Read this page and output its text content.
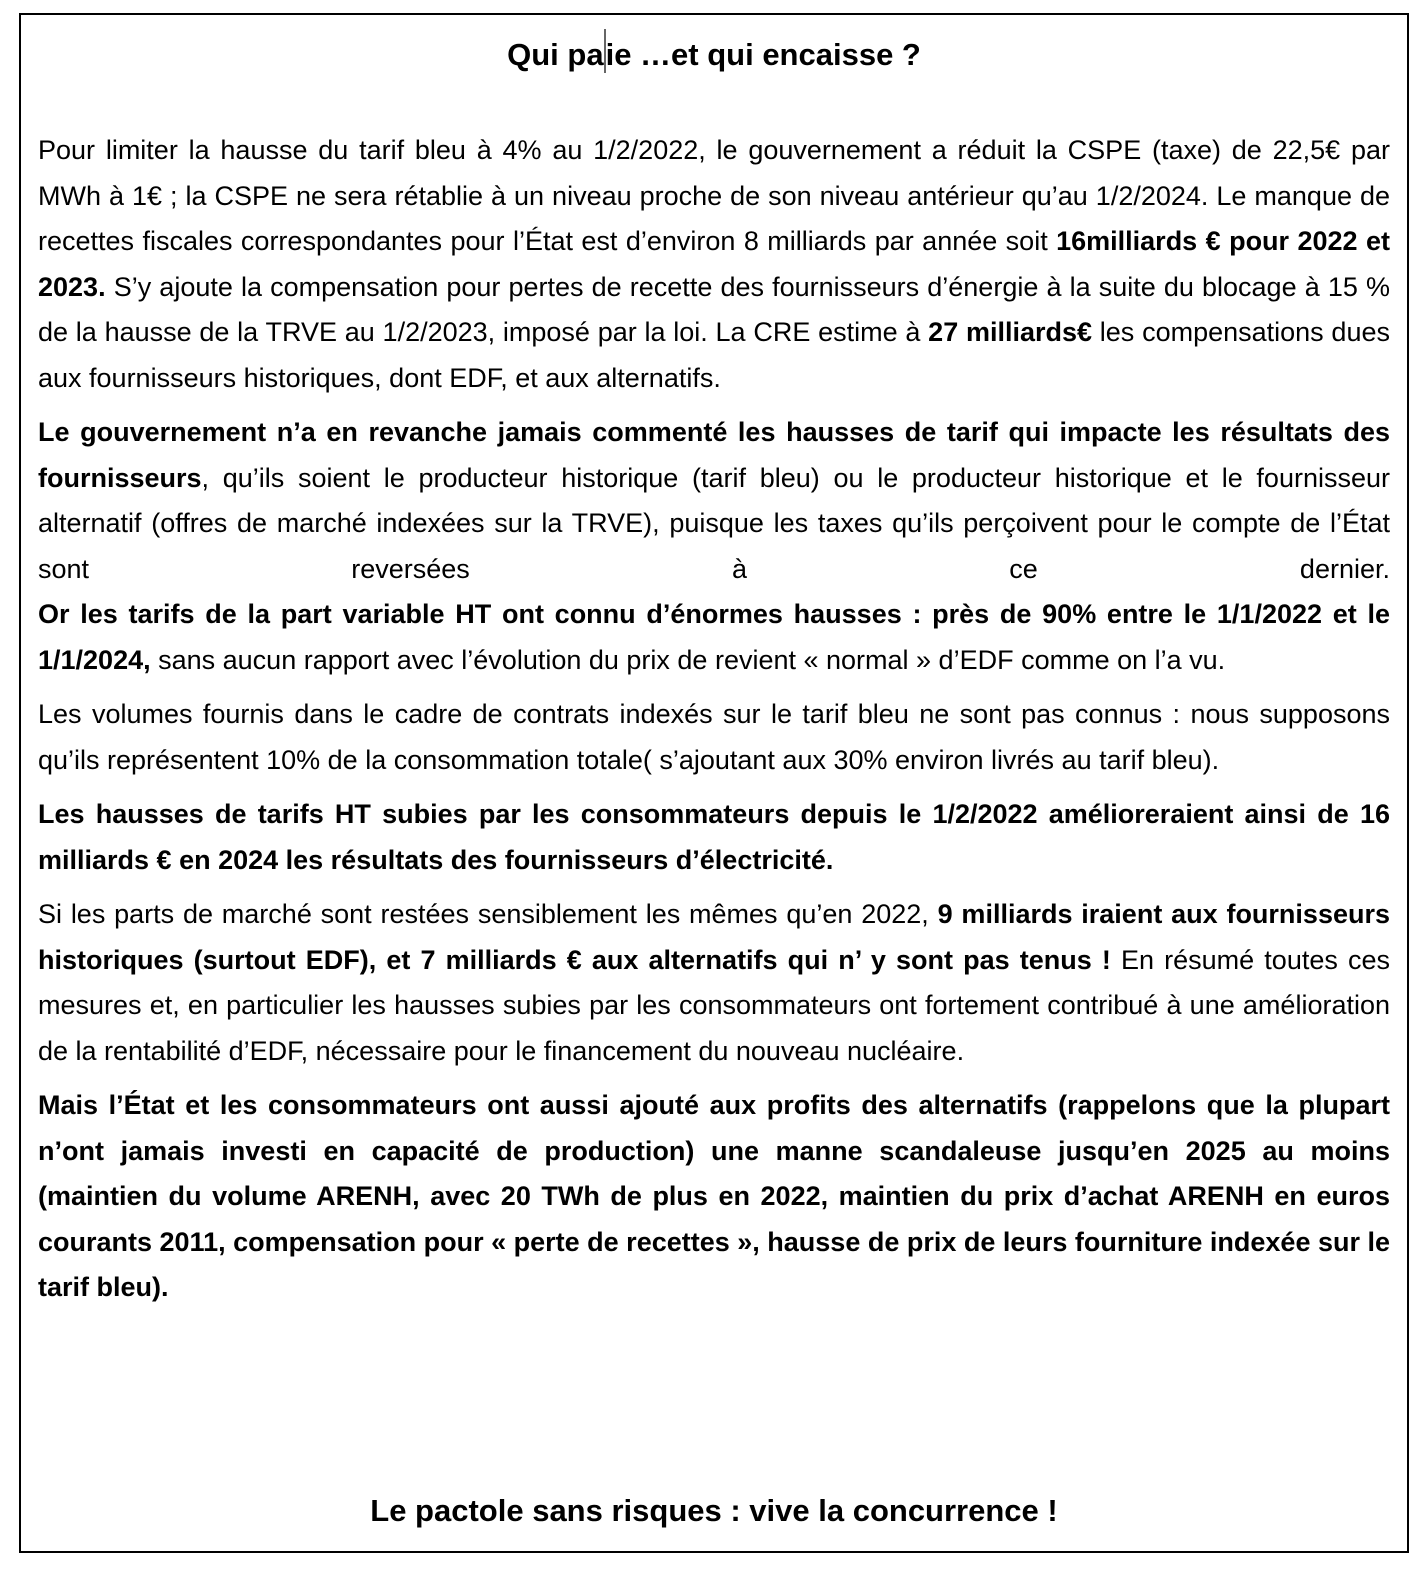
Qui paie …et qui encaisse ?

Pour limiter la hausse du tarif bleu à 4% au 1/2/2022, le gouvernement a réduit la CSPE (taxe) de 22,5€ par MWh à 1€ ; la CSPE ne sera rétablie à un niveau proche de son niveau antérieur qu’au 1/2/2024. Le manque de recettes fiscales correspondantes pour l’État est d’environ 8 milliards par année soit 16milliards € pour 2022 et 2023. S’y ajoute la compensation pour pertes de recette des fournisseurs d’énergie à la suite du blocage à 15 % de la hausse de la TRVE au 1/2/2023, imposé par la loi. La CRE estime à 27 milliards€ les compensations dues aux fournisseurs historiques, dont EDF, et aux alternatifs.

Le gouvernement n’a en revanche jamais commenté les hausses de tarif qui impacte les résultats des fournisseurs, qu’ils soient le producteur historique (tarif bleu) ou le producteur historique et le fournisseur alternatif (offres de marché indexées sur la TRVE), puisque les taxes qu’ils perçoivent pour le compte de l’État sont reversées à ce dernier.

Or les tarifs de la part variable HT ont connu d’énormes hausses : près de 90% entre le 1/1/2022 et le 1/1/2024, sans aucun rapport avec l’évolution du prix de revient « normal » d’EDF comme on l’a vu.

Les volumes fournis dans le cadre de contrats indexés sur le tarif bleu ne sont pas connus : nous supposons qu’ils représentent 10% de la consommation totale( s’ajoutant aux 30% environ livrés au tarif bleu).

Les hausses de tarifs HT subies par les consommateurs depuis le 1/2/2022 amélioreraient ainsi de 16 milliards € en 2024 les résultats des fournisseurs d’électricité.

Si les parts de marché sont restées sensiblement les mêmes qu’en 2022, 9 milliards iraient aux fournisseurs historiques (surtout EDF), et 7 milliards € aux alternatifs qui n’ y sont pas tenus ! En résumé toutes ces mesures et, en particulier les hausses subies par les consommateurs ont fortement contribué à une amélioration de la rentabilité d’EDF, nécessaire pour le financement du nouveau nucléaire.

Mais l’État et les consommateurs ont aussi ajouté aux profits des alternatifs (rappelons que la plupart n’ont jamais investi en capacité de production) une manne scandaleuse jusqu’en 2025 au moins (maintien du volume ARENH, avec 20 TWh de plus en 2022, maintien du prix d’achat ARENH en euros courants 2011, compensation pour « perte de recettes », hausse de prix de leurs fourniture indexée sur le tarif bleu).

Le pactole sans risques : vive la concurrence !
